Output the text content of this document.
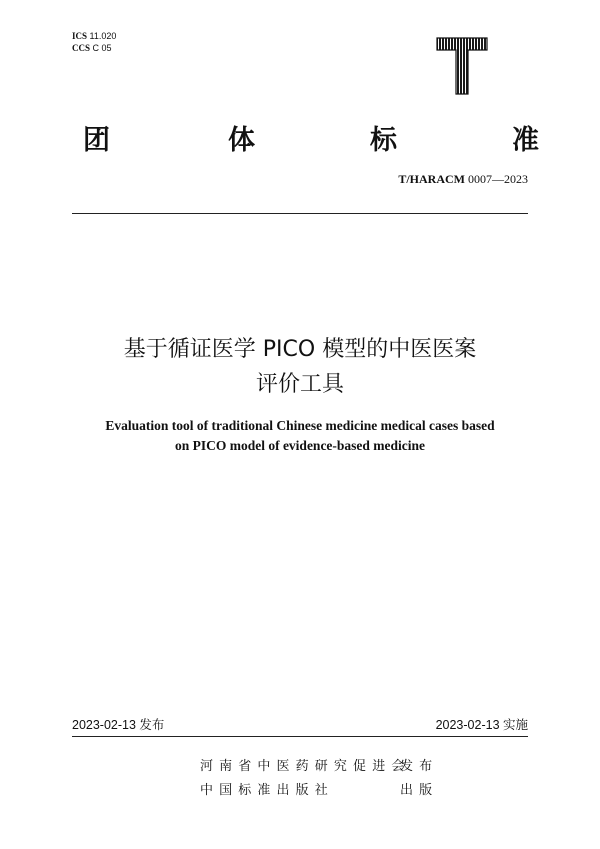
ICS 11.020
CCS C 05
团	体	标	准
T/HARACM 0007—2023
基于循证医学 PICO 模型的中医医案
评价工具
Evaluation tool of traditional Chinese medicine medical cases based
on PICO model of evidence-based medicine
2023-02-13 发布	2023-02-13 实施
河 南 省 中 医 药 研 究 促 进 会
发 布
中 国 标 准 出 版 社	出 版
